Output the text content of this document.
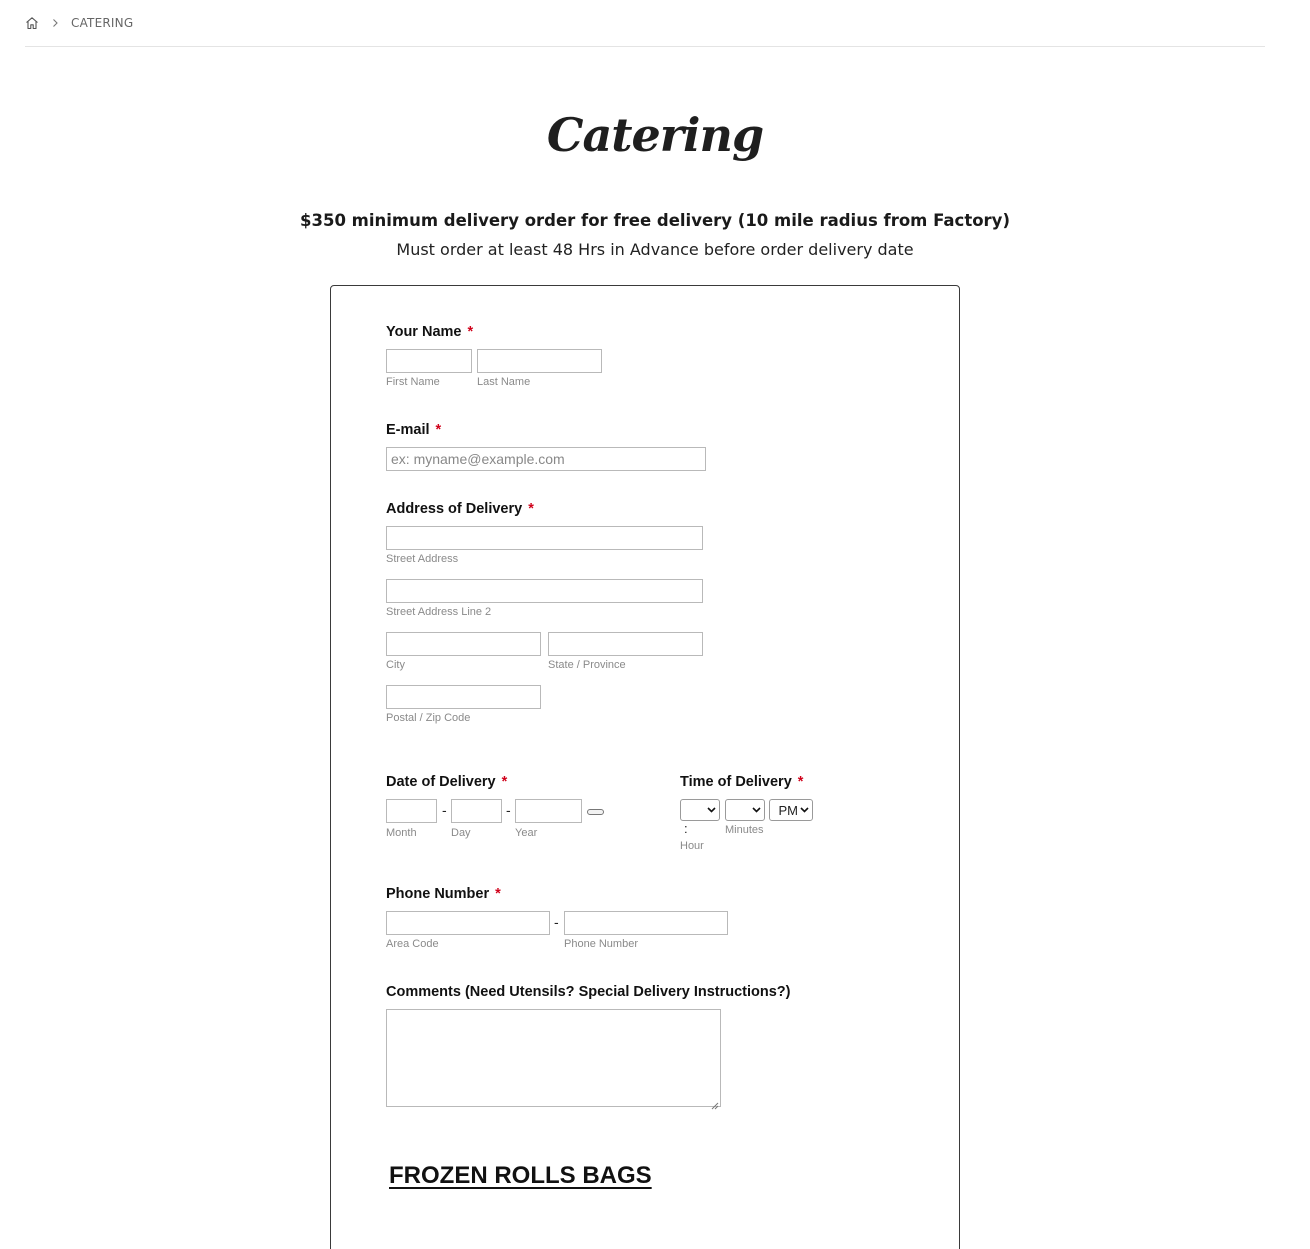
CATERING
Catering
$350 minimum delivery order for free delivery (10 mile radius from Factory)
Must order at least 48 Hrs in Advance before order delivery date
Your Name *
First Name	Last Name
E-mail *
ex: myname@example.com
Address of Delivery *
Street Address
Street Address Line 2
City	State / Province
Postal / Zip Code
Date of Delivery *
-	-
Month	Day	Year
Time of Delivery *
PM
:	Minutes
Hour
Phone Number *
-
Area Code	Phone Number
Comments (Need Utensils? Special Delivery Instructions?)
FROZEN ROLLS BAGS
